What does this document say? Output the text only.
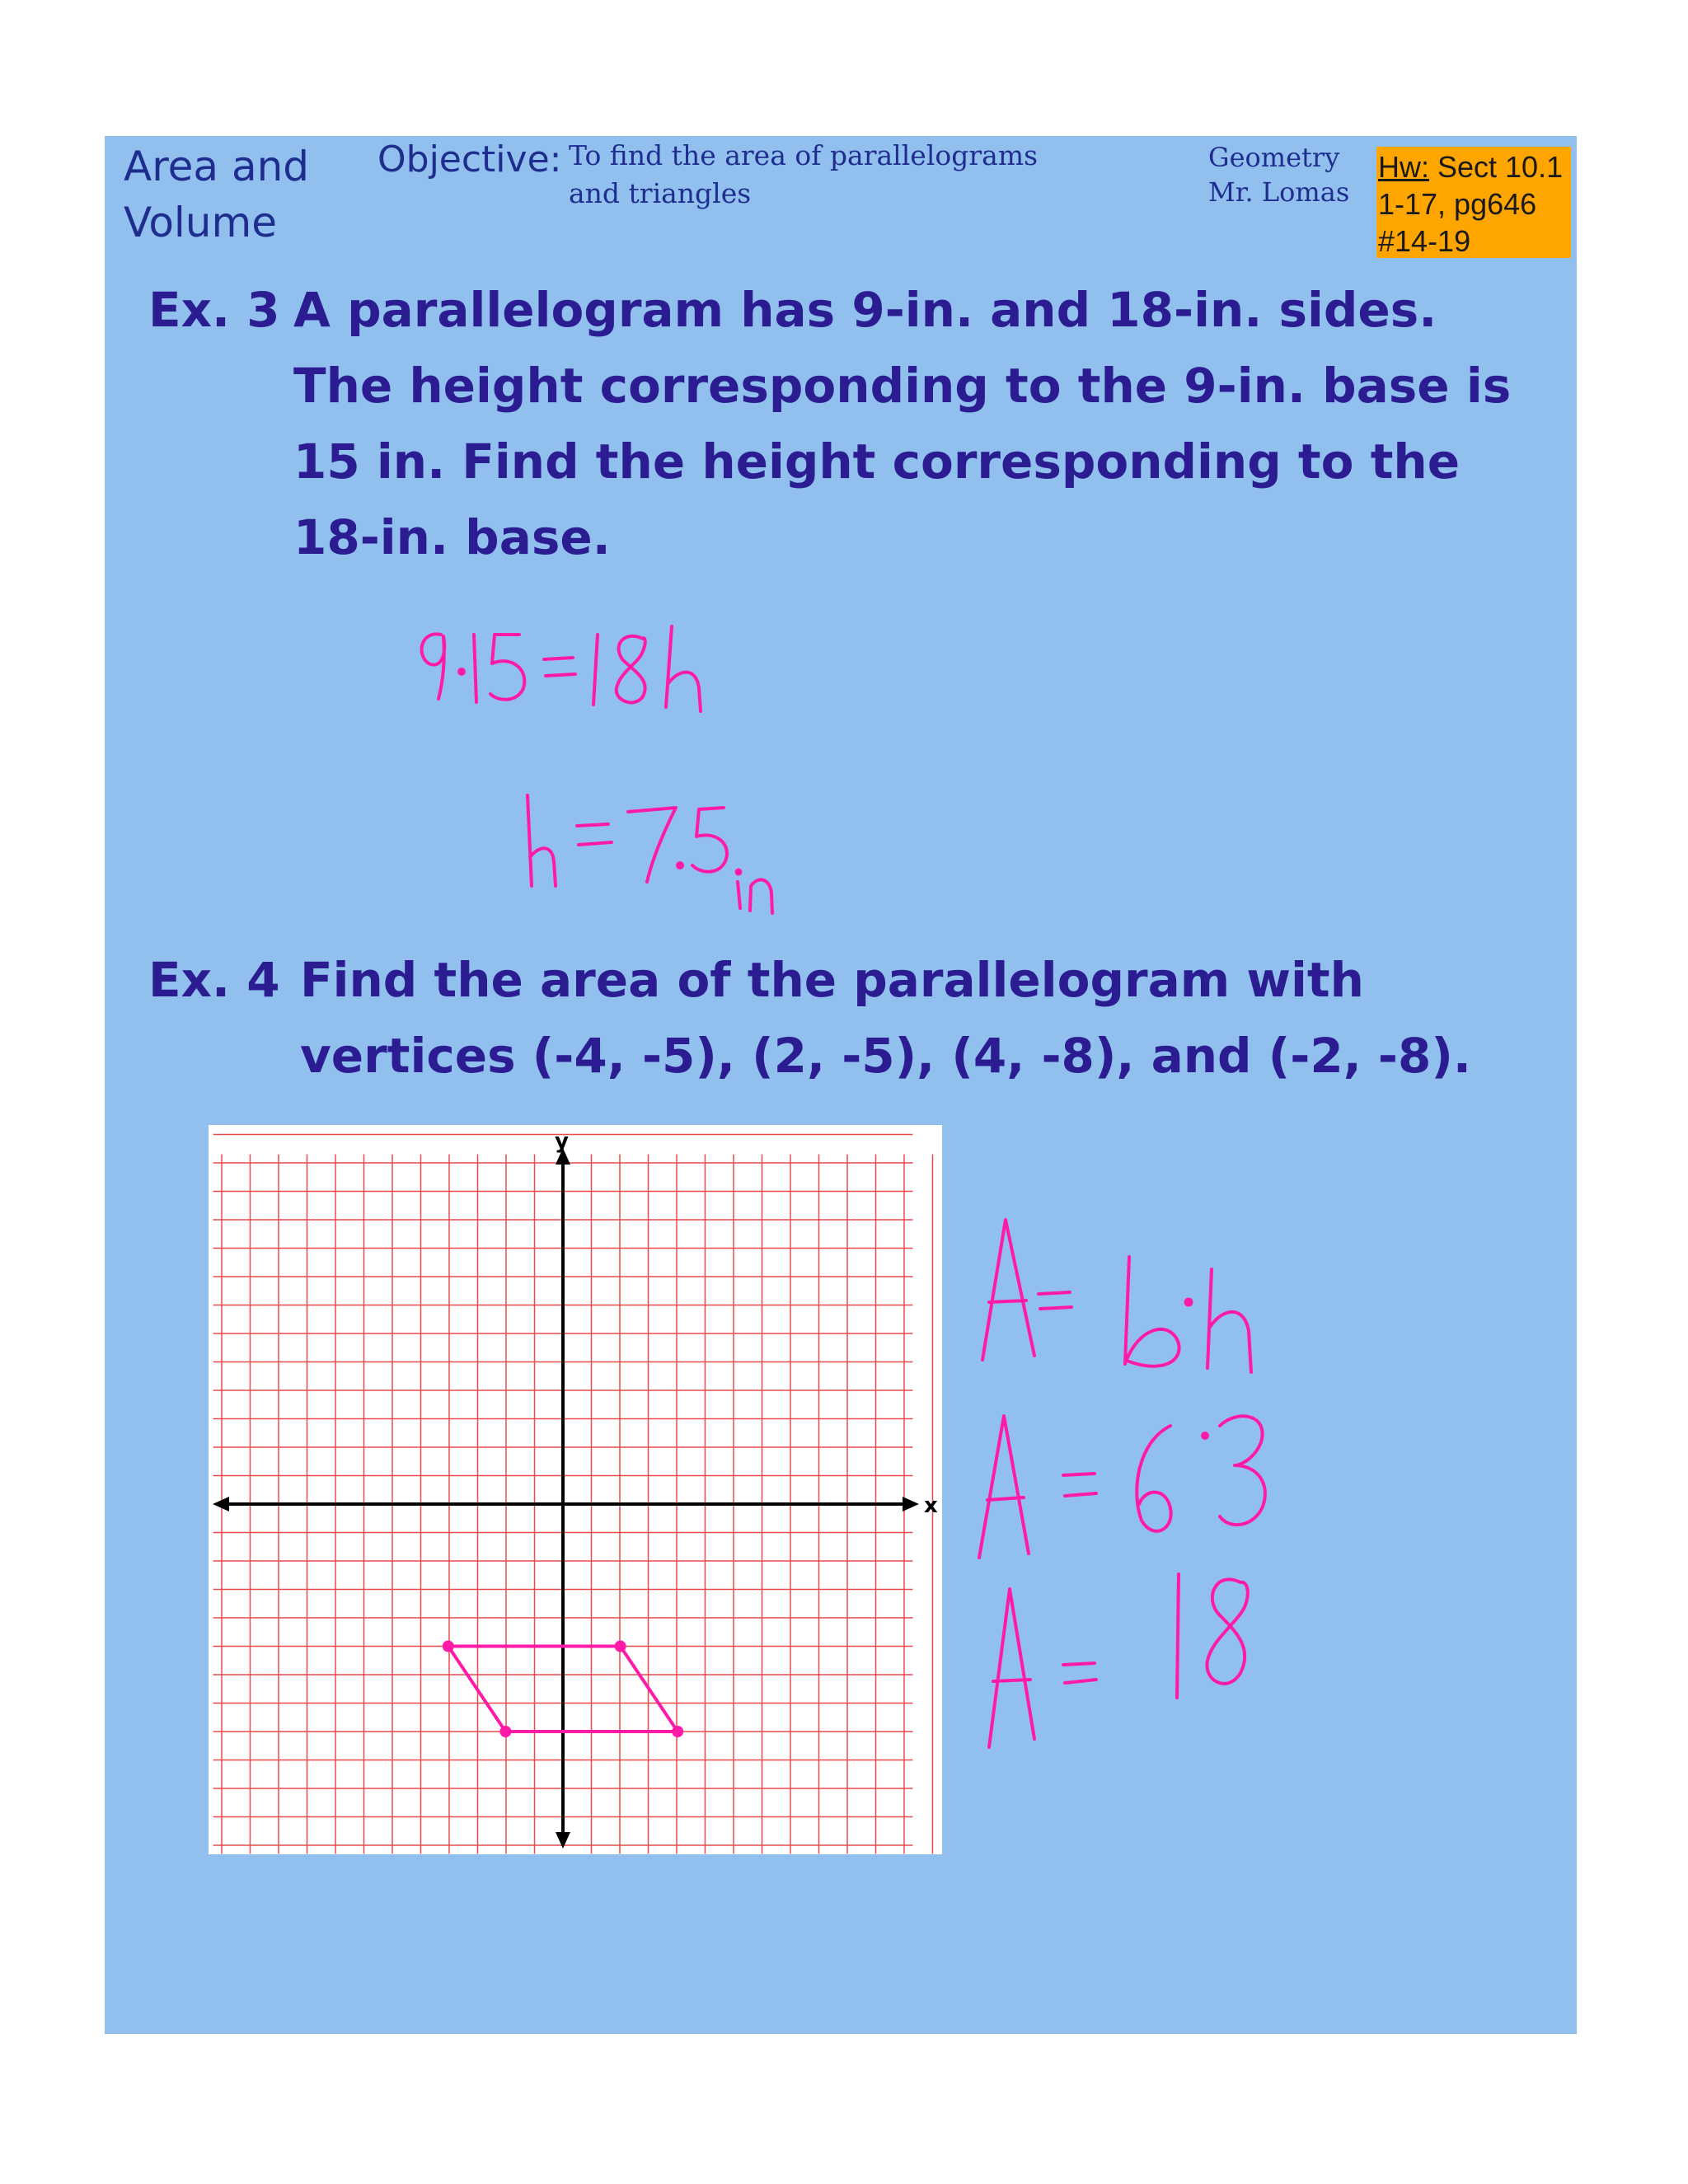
Area and
Volume
Objective: To find the area of parallelograms and triangles
Geometry
Mr. Lomas
Hw: Sect 10.1
1-17, pg646
#14-19
Ex. 3 A parallelogram has 9-in. and 18-in. sides.
The height corresponding to the 9-in. base is
15 in. Find the height corresponding to the
18-in. base.
Ex. 4 Find the area of the parallelogram with
vertices (-4, -5), (2, -5), (4, -8), and (-2, -8).
x
y
